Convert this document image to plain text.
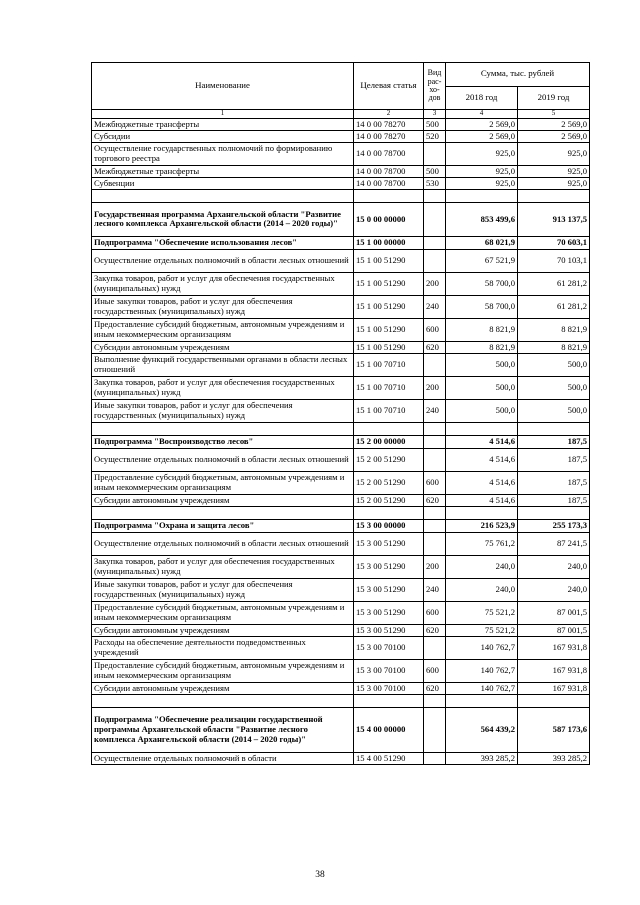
Наименование	Целевая статья	Вид рас-хо-дов	Сумма, тыс. рублей	
			2018 год	2019 год
1	2	3	4	5
Межбюджетные трансферты	14 0 00 78270	500	2 569,0	2 569,0
Субсидии	14 0 00 78270	520	2 569,0	2 569,0
Осуществление государственных полномочий по формированию торгового реестра	14 0 00 78700		925,0	925,0
Межбюджетные трансферты	14 0 00 78700	500	925,0	925,0
Субвенции	14 0 00 78700	530	925,0	925,0

Государственная программа Архангельской области "Развитие лесного комплекса Архангельской области (2014 – 2020 годы)"	15 0 00 00000		853 499,6	913 137,5
Подпрограмма "Обеспечение использования лесов"	15 1 00 00000		68 021,9	70 603,1
Осуществление отдельных полномочий в области лесных отношений	15 1 00 51290		67 521,9	70 103,1
Закупка товаров, работ и услуг для обеспечения государственных (муниципальных) нужд	15 1 00 51290	200	58 700,0	61 281,2
Иные закупки товаров, работ и услуг для обеспечения государственных (муниципальных) нужд	15 1 00 51290	240	58 700,0	61 281,2
Предоставление субсидий бюджетным, автономным учреждениям и иным некоммерческим организациям	15 1 00 51290	600	8 821,9	8 821,9
Субсидии автономным учреждениям	15 1 00 51290	620	8 821,9	8 821,9
Выполнение функций государственными органами в области лесных отношений	15 1 00 70710		500,0	500,0
Закупка товаров, работ и услуг для обеспечения государственных (муниципальных) нужд	15 1 00 70710	200	500,0	500,0
Иные закупки товаров, работ и услуг для обеспечения государственных (муниципальных) нужд	15 1 00 70710	240	500,0	500,0

Подпрограмма "Воспроизводство лесов"	15 2 00 00000		4 514,6	187,5
Осуществление отдельных полномочий в области лесных отношений	15 2 00 51290		4 514,6	187,5
Предоставление субсидий бюджетным, автономным учреждениям и иным некоммерческим организациям	15 2 00 51290	600	4 514,6	187,5
Субсидии автономным учреждениям	15 2 00 51290	620	4 514,6	187,5

Подпрограмма "Охрана и защита лесов"	15 3 00 00000		216 523,9	255 173,3
Осуществление отдельных полномочий в области лесных отношений	15 3 00 51290		75 761,2	87 241,5
Закупка товаров, работ и услуг для обеспечения государственных (муниципальных) нужд	15 3 00 51290	200	240,0	240,0
Иные закупки товаров, работ и услуг для обеспечения государственных (муниципальных) нужд	15 3 00 51290	240	240,0	240,0
Предоставление субсидий бюджетным, автономным учреждениям и иным некоммерческим организациям	15 3 00 51290	600	75 521,2	87 001,5
Субсидии автономным учреждениям	15 3 00 51290	620	75 521,2	87 001,5
Расходы на обеспечение деятельности подведомственных учреждений	15 3 00 70100		140 762,7	167 931,8
Предоставление субсидий бюджетным, автономным учреждениям и иным некоммерческим организациям	15 3 00 70100	600	140 762,7	167 931,8
Субсидии автономным учреждениям	15 3 00 70100	620	140 762,7	167 931,8

Подпрограмма "Обеспечение реализации государственной программы Архангельской области "Развитие лесного комплекса Архангельской области (2014 – 2020 годы)"	15 4 00 00000		564 439,2	587 173,6
Осуществление отдельных полномочий в области	15 4 00 51290		393 285,2	393 285,2
38
